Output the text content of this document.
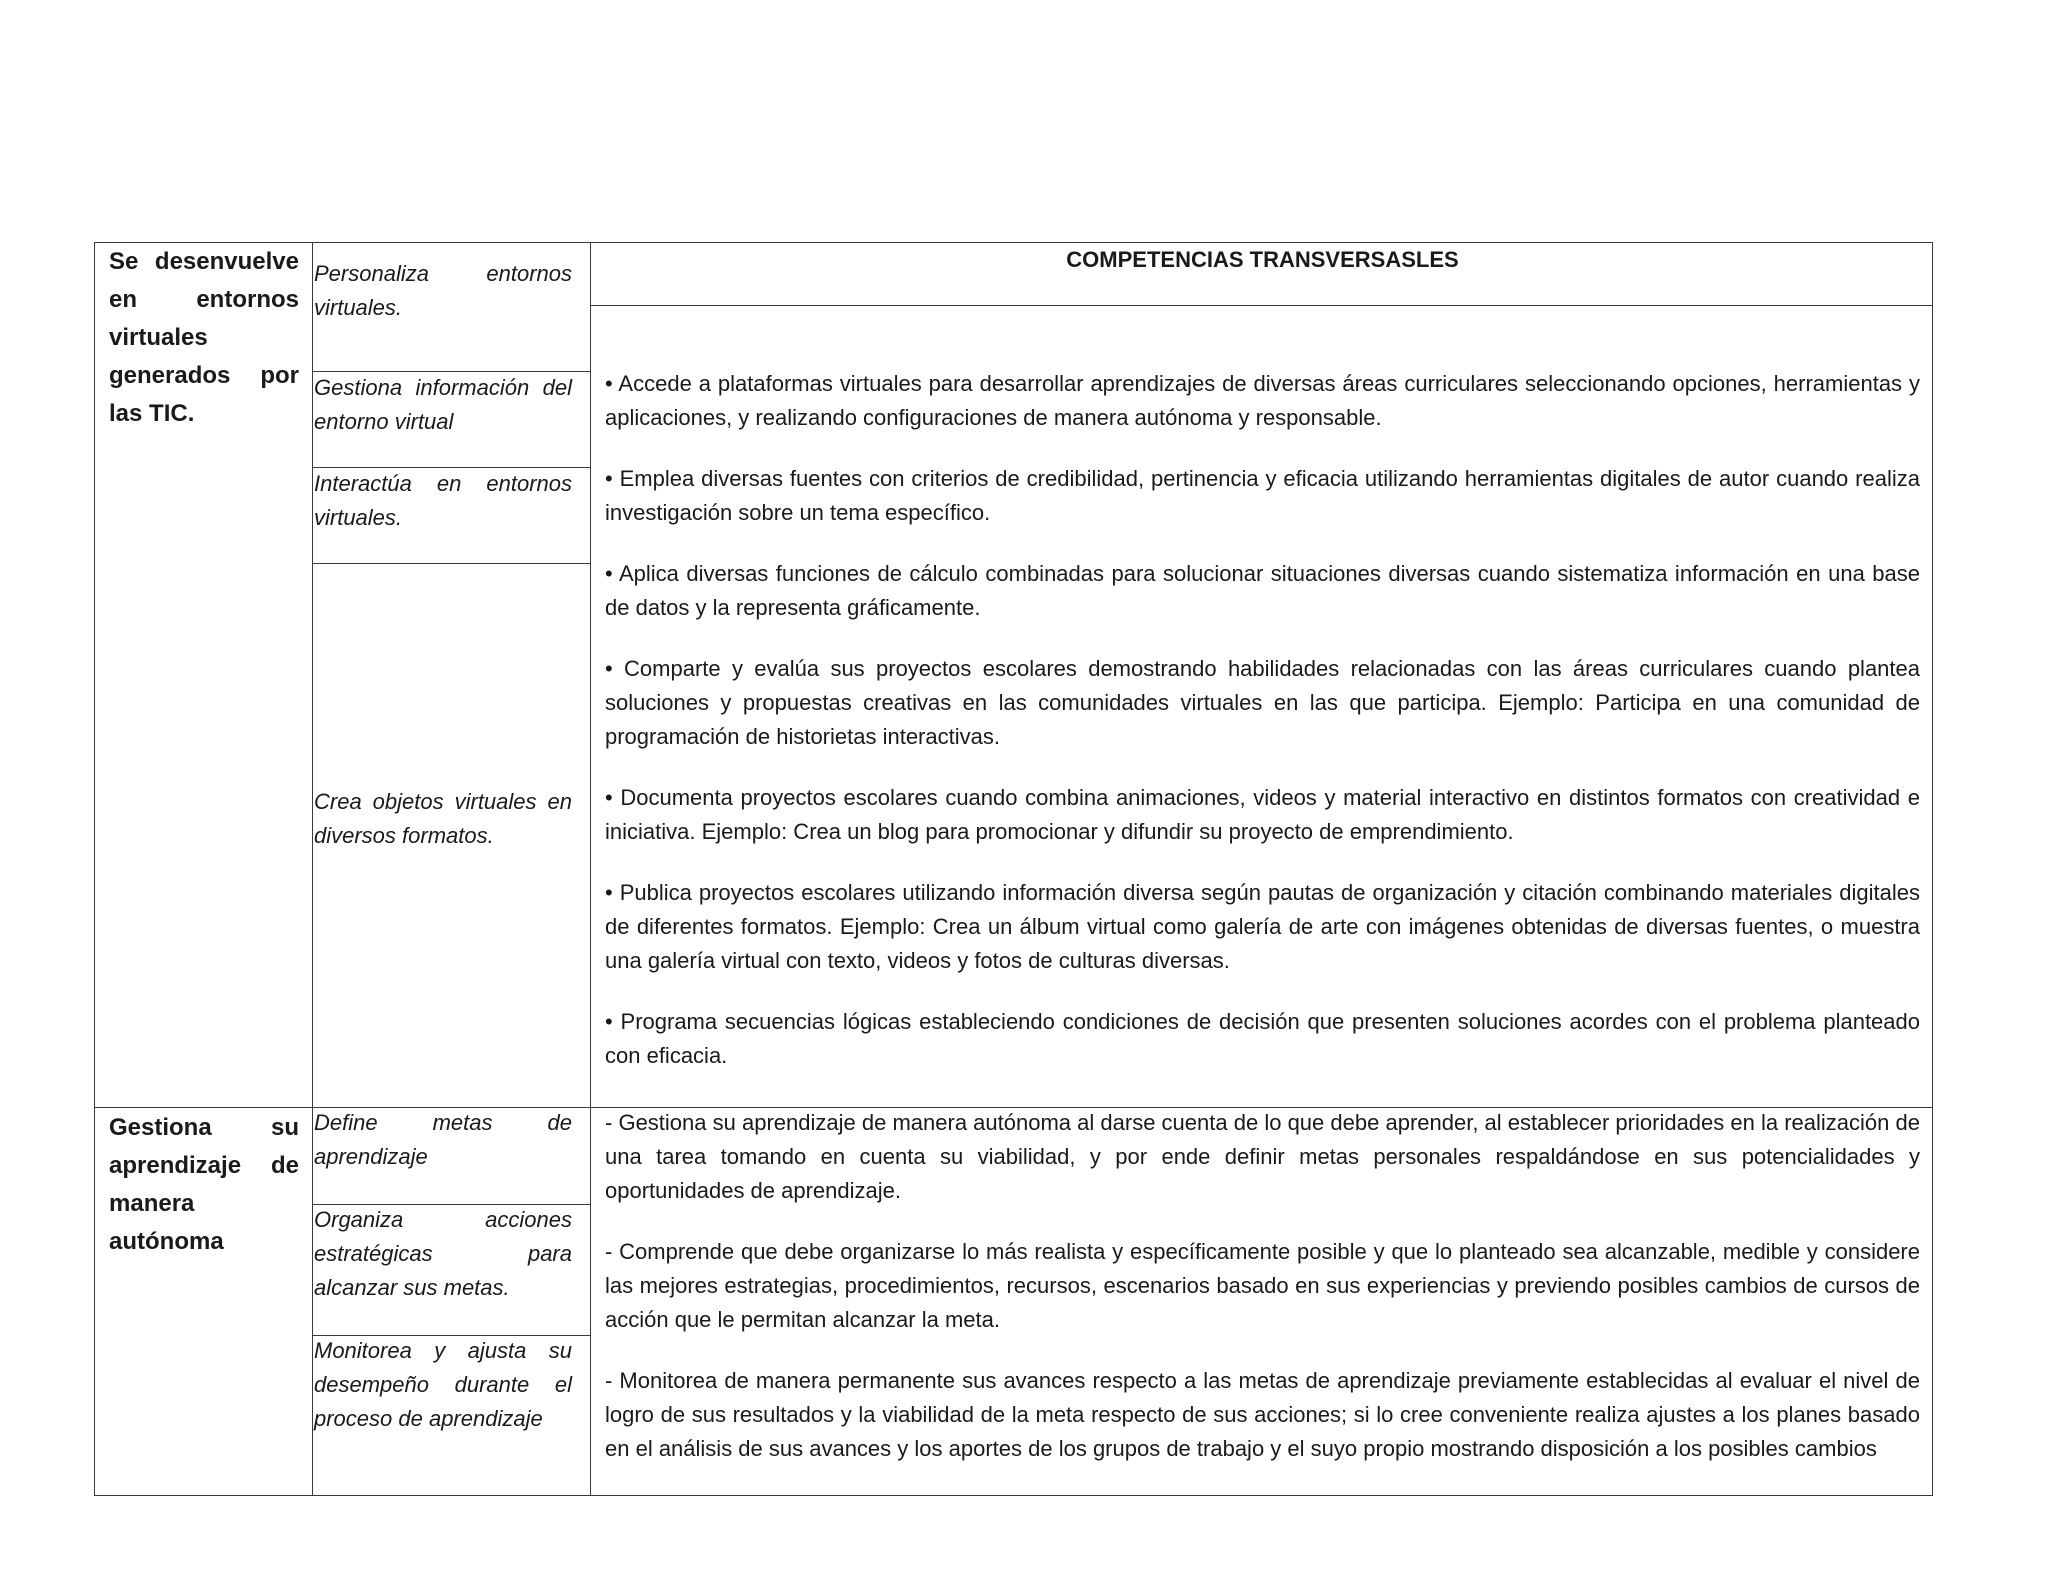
COMPETENCIAS TRANSVERSASLES
Se desenvuelve en entornos virtuales generados por las TIC.
Personaliza entornos virtuales.
Gestiona información del entorno virtual
Interactúa en entornos virtuales.
Crea objetos virtuales en diversos formatos.

• Accede a plataformas virtuales para desarrollar aprendizajes de diversas áreas curriculares seleccionando opciones, herramientas y aplicaciones, y realizando configuraciones de manera autónoma y responsable.

• Emplea diversas fuentes con criterios de credibilidad, pertinencia y eficacia utilizando herramientas digitales de autor cuando realiza investigación sobre un tema específico.

• Aplica diversas funciones de cálculo combinadas para solucionar situaciones diversas cuando sistematiza información en una base de datos y la representa gráficamente.

• Comparte y evalúa sus proyectos escolares demostrando habilidades relacionadas con las áreas curriculares cuando plantea soluciones y propuestas creativas en las comunidades virtuales en las que participa. Ejemplo: Participa en una comunidad de programación de historietas interactivas.

• Documenta proyectos escolares cuando combina animaciones, videos y material interactivo en distintos formatos con creatividad e iniciativa. Ejemplo: Crea un blog para promocionar y difundir su proyecto de emprendimiento.

• Publica proyectos escolares utilizando información diversa según pautas de organización y citación combinando materiales digitales de diferentes formatos. Ejemplo: Crea un álbum virtual como galería de arte con imágenes obtenidas de diversas fuentes, o muestra una galería virtual con texto, videos y fotos de culturas diversas.

• Programa secuencias lógicas estableciendo condiciones de decisión que presenten soluciones acordes con el problema planteado con eficacia.

Gestiona su aprendizaje de manera autónoma
Define metas de aprendizaje
Organiza acciones estratégicas para alcanzar sus metas.
Monitorea y ajusta su desempeño durante el proceso de aprendizaje

- Gestiona su aprendizaje de manera autónoma al darse cuenta de lo que debe aprender, al establecer prioridades en la realización de una tarea tomando en cuenta su viabilidad, y por ende definir metas personales respaldándose en sus potencialidades y oportunidades de aprendizaje.

- Comprende que debe organizarse lo más realista y específicamente posible y que lo planteado sea alcanzable, medible y considere las mejores estrategias, procedimientos, recursos, escenarios basado en sus experiencias y previendo posibles cambios de cursos de acción que le permitan alcanzar la meta.

- Monitorea de manera permanente sus avances respecto a las metas de aprendizaje previamente establecidas al evaluar el nivel de logro de sus resultados y la viabilidad de la meta respecto de sus acciones; si lo cree conveniente realiza ajustes a los planes basado en el análisis de sus avances y los aportes de los grupos de trabajo y el suyo propio mostrando disposición a los posibles cambios
